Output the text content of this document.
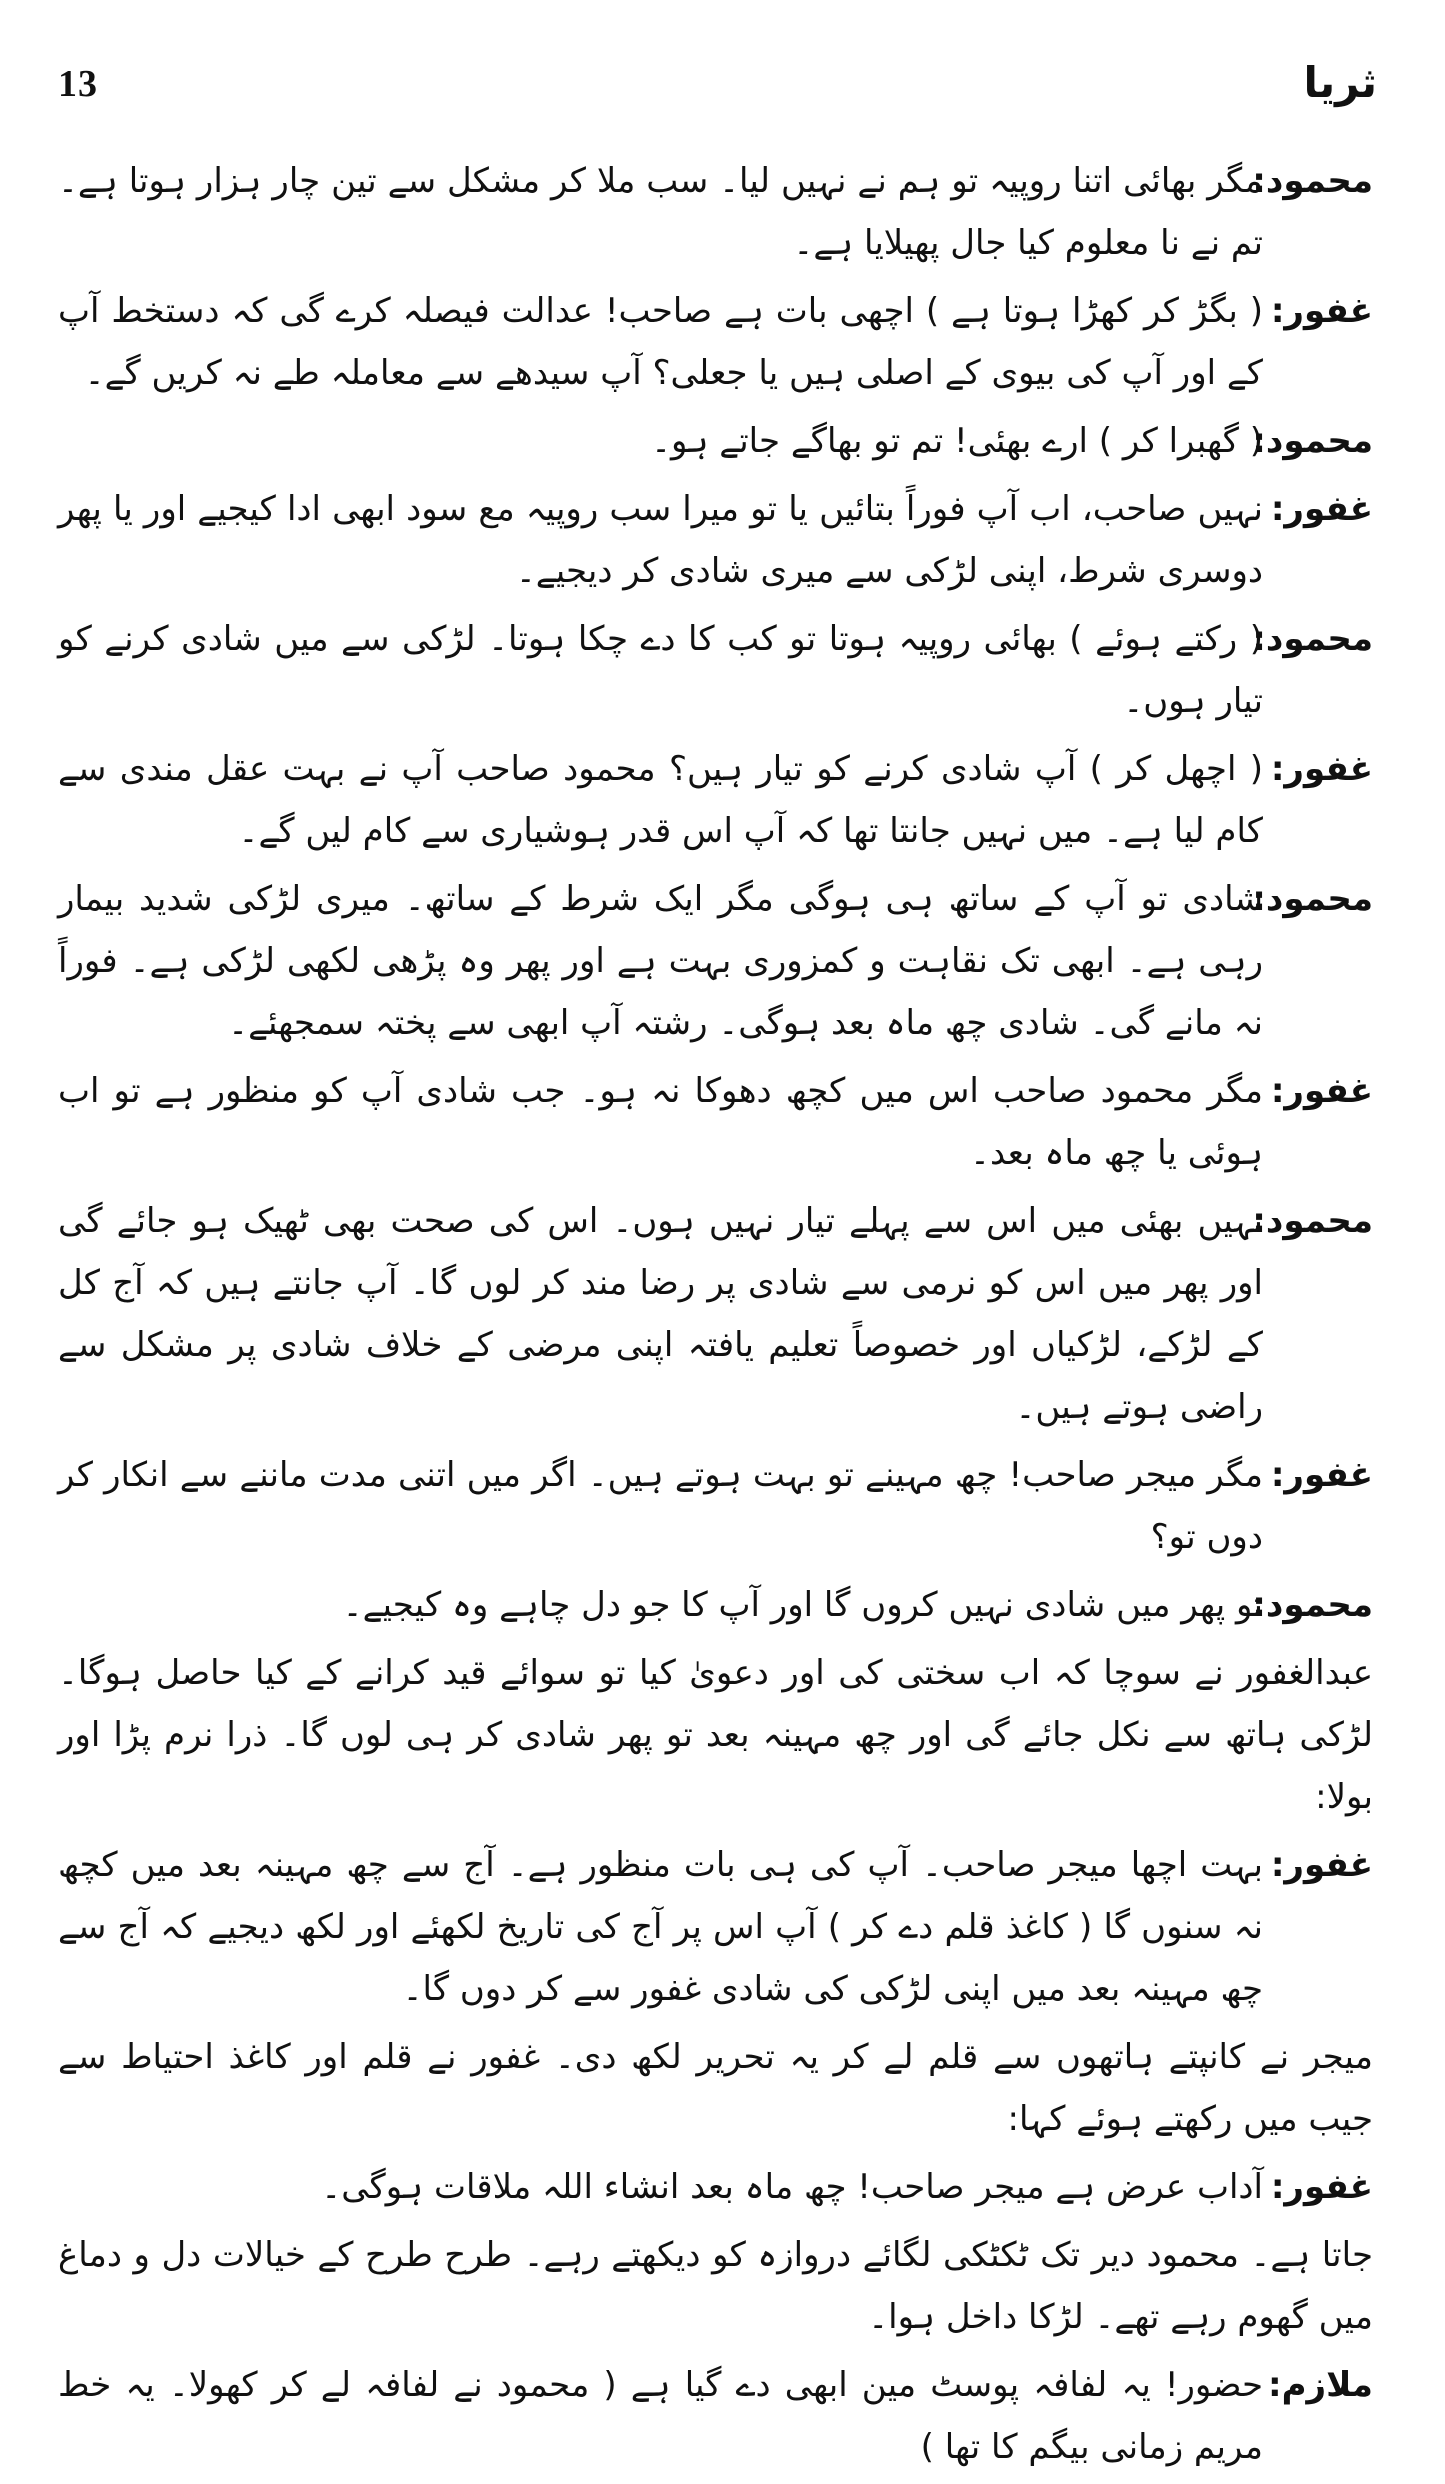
13	ثریا
محمود:
مگر بھائی اتنا روپیہ تو ہم نے نہیں لیا۔ سب ملا کر مشکل سے تین چار ہزار ہوتا ہے۔ تم نے نا معلوم کیا جال پھیلایا ہے۔
غفور:
( بگڑ کر کھڑا ہوتا ہے ) اچھی بات ہے صاحب! عدالت فیصلہ کرے گی کہ دستخط آپ کے اور آپ کی بیوی کے اصلی ہیں یا جعلی؟ آپ سیدھے سے معاملہ طے نہ کریں گے۔
محمود:
( گھبرا کر ) ارے بھئی! تم تو بھاگے جاتے ہو۔
غفور:
نہیں صاحب، اب آپ فوراً بتائیں یا تو میرا سب روپیہ مع سود ابھی ادا کیجیے اور یا پھر دوسری شرط، اپنی لڑکی سے میری شادی کر دیجیے۔
محمود:
( رکتے ہوئے ) بھائی روپیہ ہوتا تو کب کا دے چکا ہوتا۔ لڑکی سے میں شادی کرنے کو تیار ہوں۔
غفور:
( اچھل کر ) آپ شادی کرنے کو تیار ہیں؟ محمود صاحب آپ نے بہت عقل مندی سے کام لیا ہے۔ میں نہیں جانتا تھا کہ آپ اس قدر ہوشیاری سے کام لیں گے۔
محمود:
شادی تو آپ کے ساتھ ہی ہوگی مگر ایک شرط کے ساتھ۔ میری لڑکی شدید بیمار رہی ہے۔ ابھی تک نقاہت و کمزوری بہت ہے اور پھر وہ پڑھی لکھی لڑکی ہے۔ فوراً نہ مانے گی۔ شادی چھ ماہ بعد ہوگی۔ رشتہ آپ ابھی سے پختہ سمجھئے۔
غفور:
مگر محمود صاحب اس میں کچھ دھوکا نہ ہو۔ جب شادی آپ کو منظور ہے تو اب ہوئی یا چھ ماہ بعد۔
محمود:
نہیں بھئی میں اس سے پہلے تیار نہیں ہوں۔ اس کی صحت بھی ٹھیک ہو جائے گی اور پھر میں اس کو نرمی سے شادی پر رضا مند کر لوں گا۔ آپ جانتے ہیں کہ آج کل کے لڑکے، لڑکیاں اور خصوصاً تعلیم یافتہ اپنی مرضی کے خلاف شادی پر مشکل سے راضی ہوتے ہیں۔
غفور:
مگر میجر صاحب! چھ مہینے تو بہت ہوتے ہیں۔ اگر میں اتنی مدت ماننے سے انکار کر دوں تو؟
محمود:
تو پھر میں شادی نہیں کروں گا اور آپ کا جو دل چاہے وہ کیجیے۔
عبدالغفور نے سوچا کہ اب سختی کی اور دعویٰ کیا تو سوائے قید کرانے کے کیا حاصل ہوگا۔ لڑکی ہاتھ سے نکل جائے گی اور چھ مہینہ بعد تو پھر شادی کر ہی لوں گا۔ ذرا نرم پڑا اور بولا:
غفور:
بہت اچھا میجر صاحب۔ آپ کی ہی بات منظور ہے۔ آج سے چھ مہینہ بعد میں کچھ نہ سنوں گا ( کاغذ قلم دے کر ) آپ اس پر آج کی تاریخ لکھئے اور لکھ دیجیے کہ آج سے چھ مہینہ بعد میں اپنی لڑکی کی شادی غفور سے کر دوں گا۔
میجر نے کانپتے ہاتھوں سے قلم لے کر یہ تحریر لکھ دی۔ غفور نے قلم اور کاغذ احتیاط سے جیب میں رکھتے ہوئے کہا:
غفور:
آداب عرض ہے میجر صاحب! چھ ماہ بعد انشاء اللہ ملاقات ہوگی۔
جاتا ہے۔ محمود دیر تک ٹکٹکی لگائے دروازہ کو دیکھتے رہے۔ طرح طرح کے خیالات دل و دماغ میں گھوم رہے تھے۔ لڑکا داخل ہوا۔
ملازم:
حضور! یہ لفافہ پوسٹ مین ابھی دے گیا ہے ( محمود نے لفافہ لے کر کھولا۔ یہ خط مریم زمانی بیگم کا تھا )
